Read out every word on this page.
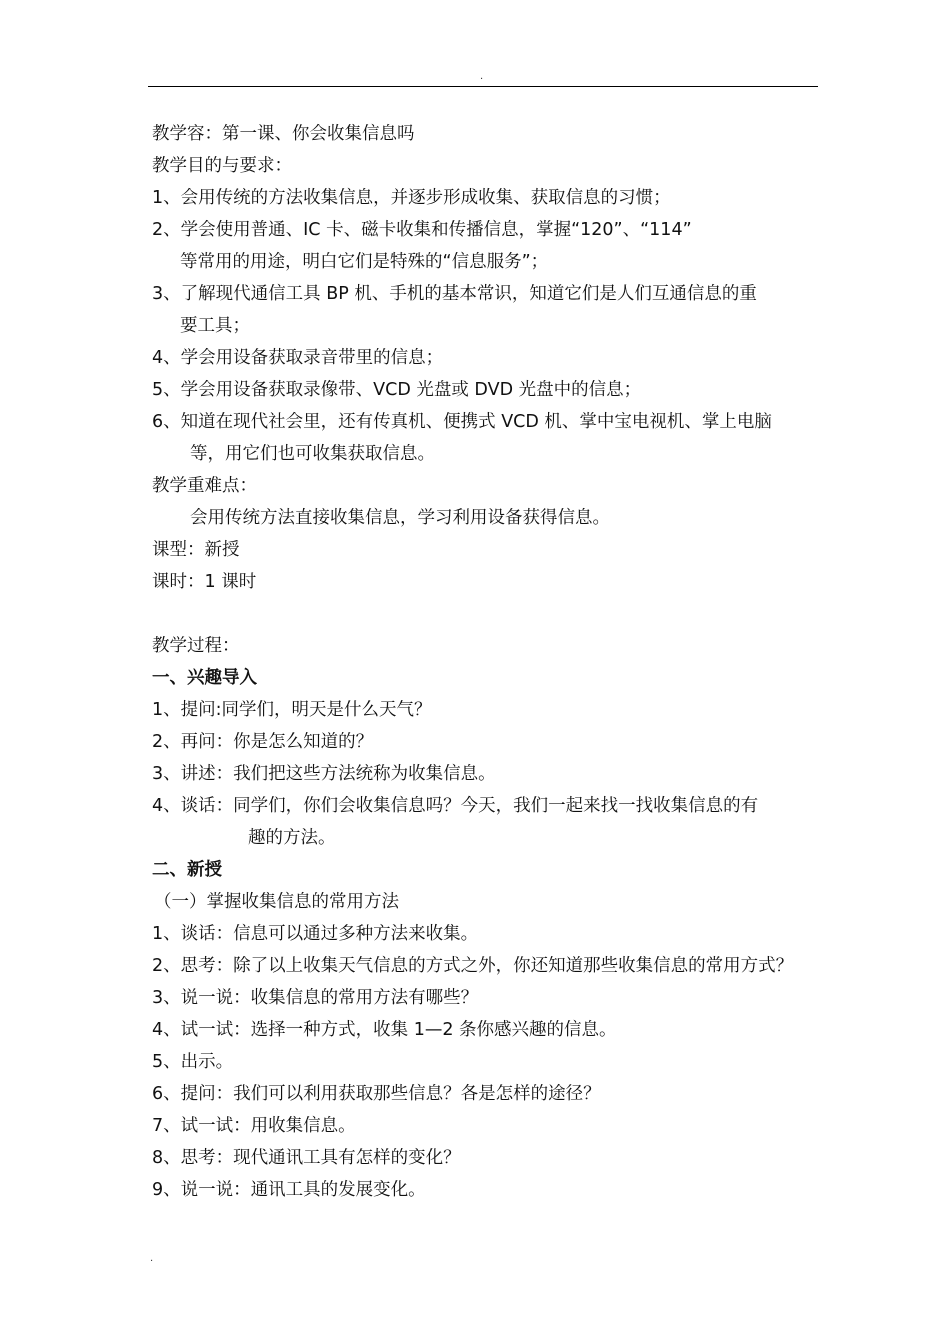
.
教学容：第一课、你会收集信息吗
教学目的与要求：
1、会用传统的方法收集信息，并逐步形成收集、获取信息的习惯；
2、学会使用普通、IC 卡、磁卡收集和传播信息，掌握“120”、“114”
等常用的用途，明白它们是特殊的“信息服务”；
3、了解现代通信工具 BP 机、手机的基本常识，知道它们是人们互通信息的重
要工具；
4、学会用设备获取录音带里的信息；
5、学会用设备获取录像带、VCD 光盘或 DVD 光盘中的信息；
6、知道在现代社会里，还有传真机、便携式 VCD 机、掌中宝电视机、掌上电脑
等，用它们也可收集获取信息。
教学重难点：
会用传统方法直接收集信息，学习利用设备获得信息。
课型：新授
课时：1 课时
教学过程：
一、兴趣导入
1、提问:同学们，明天是什么天气？
2、再问：你是怎么知道的？
3、讲述：我们把这些方法统称为收集信息。
4、谈话：同学们，你们会收集信息吗？今天，我们一起来找一找收集信息的有
趣的方法。
二、新授
（一）掌握收集信息的常用方法
1、谈话：信息可以通过多种方法来收集。
2、思考：除了以上收集天气信息的方式之外，你还知道那些收集信息的常用方式？
3、说一说：收集信息的常用方法有哪些？
4、试一试：选择一种方式，收集 1—2 条你感兴趣的信息。
5、出示。
6、提问：我们可以利用获取那些信息？各是怎样的途径？
7、试一试：用收集信息。
8、思考：现代通讯工具有怎样的变化？
9、说一说：通讯工具的发展变化。
.
